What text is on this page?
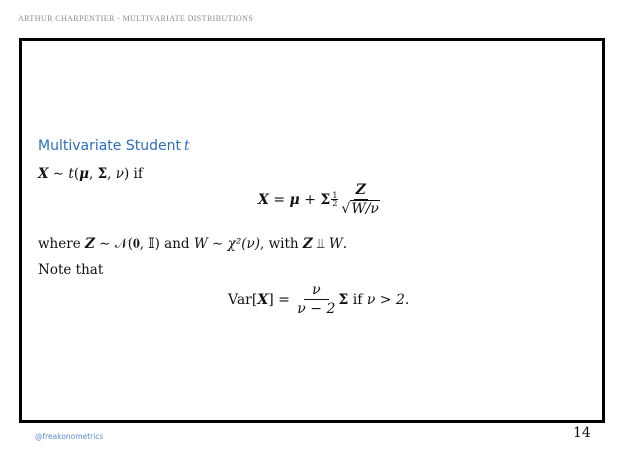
ARTHUR CHARPENTIER - MULTIVARIATE DISTRIBUTIONS
Multivariate Student t
X ∼ t(μ, Σ, ν) if
X = μ + Σ $\frac{1}{2} \frac{Z}{√W/\nu}$
where Z ∼ 𝒩(𝟎, 𝕀) and W ∼ χ²(ν), with Z ⫫ W.
Note that
Var[ X ] = $\frac{\nu}{\nu - 2}$ Σ if ν > 2.
@freakonometrics	14
